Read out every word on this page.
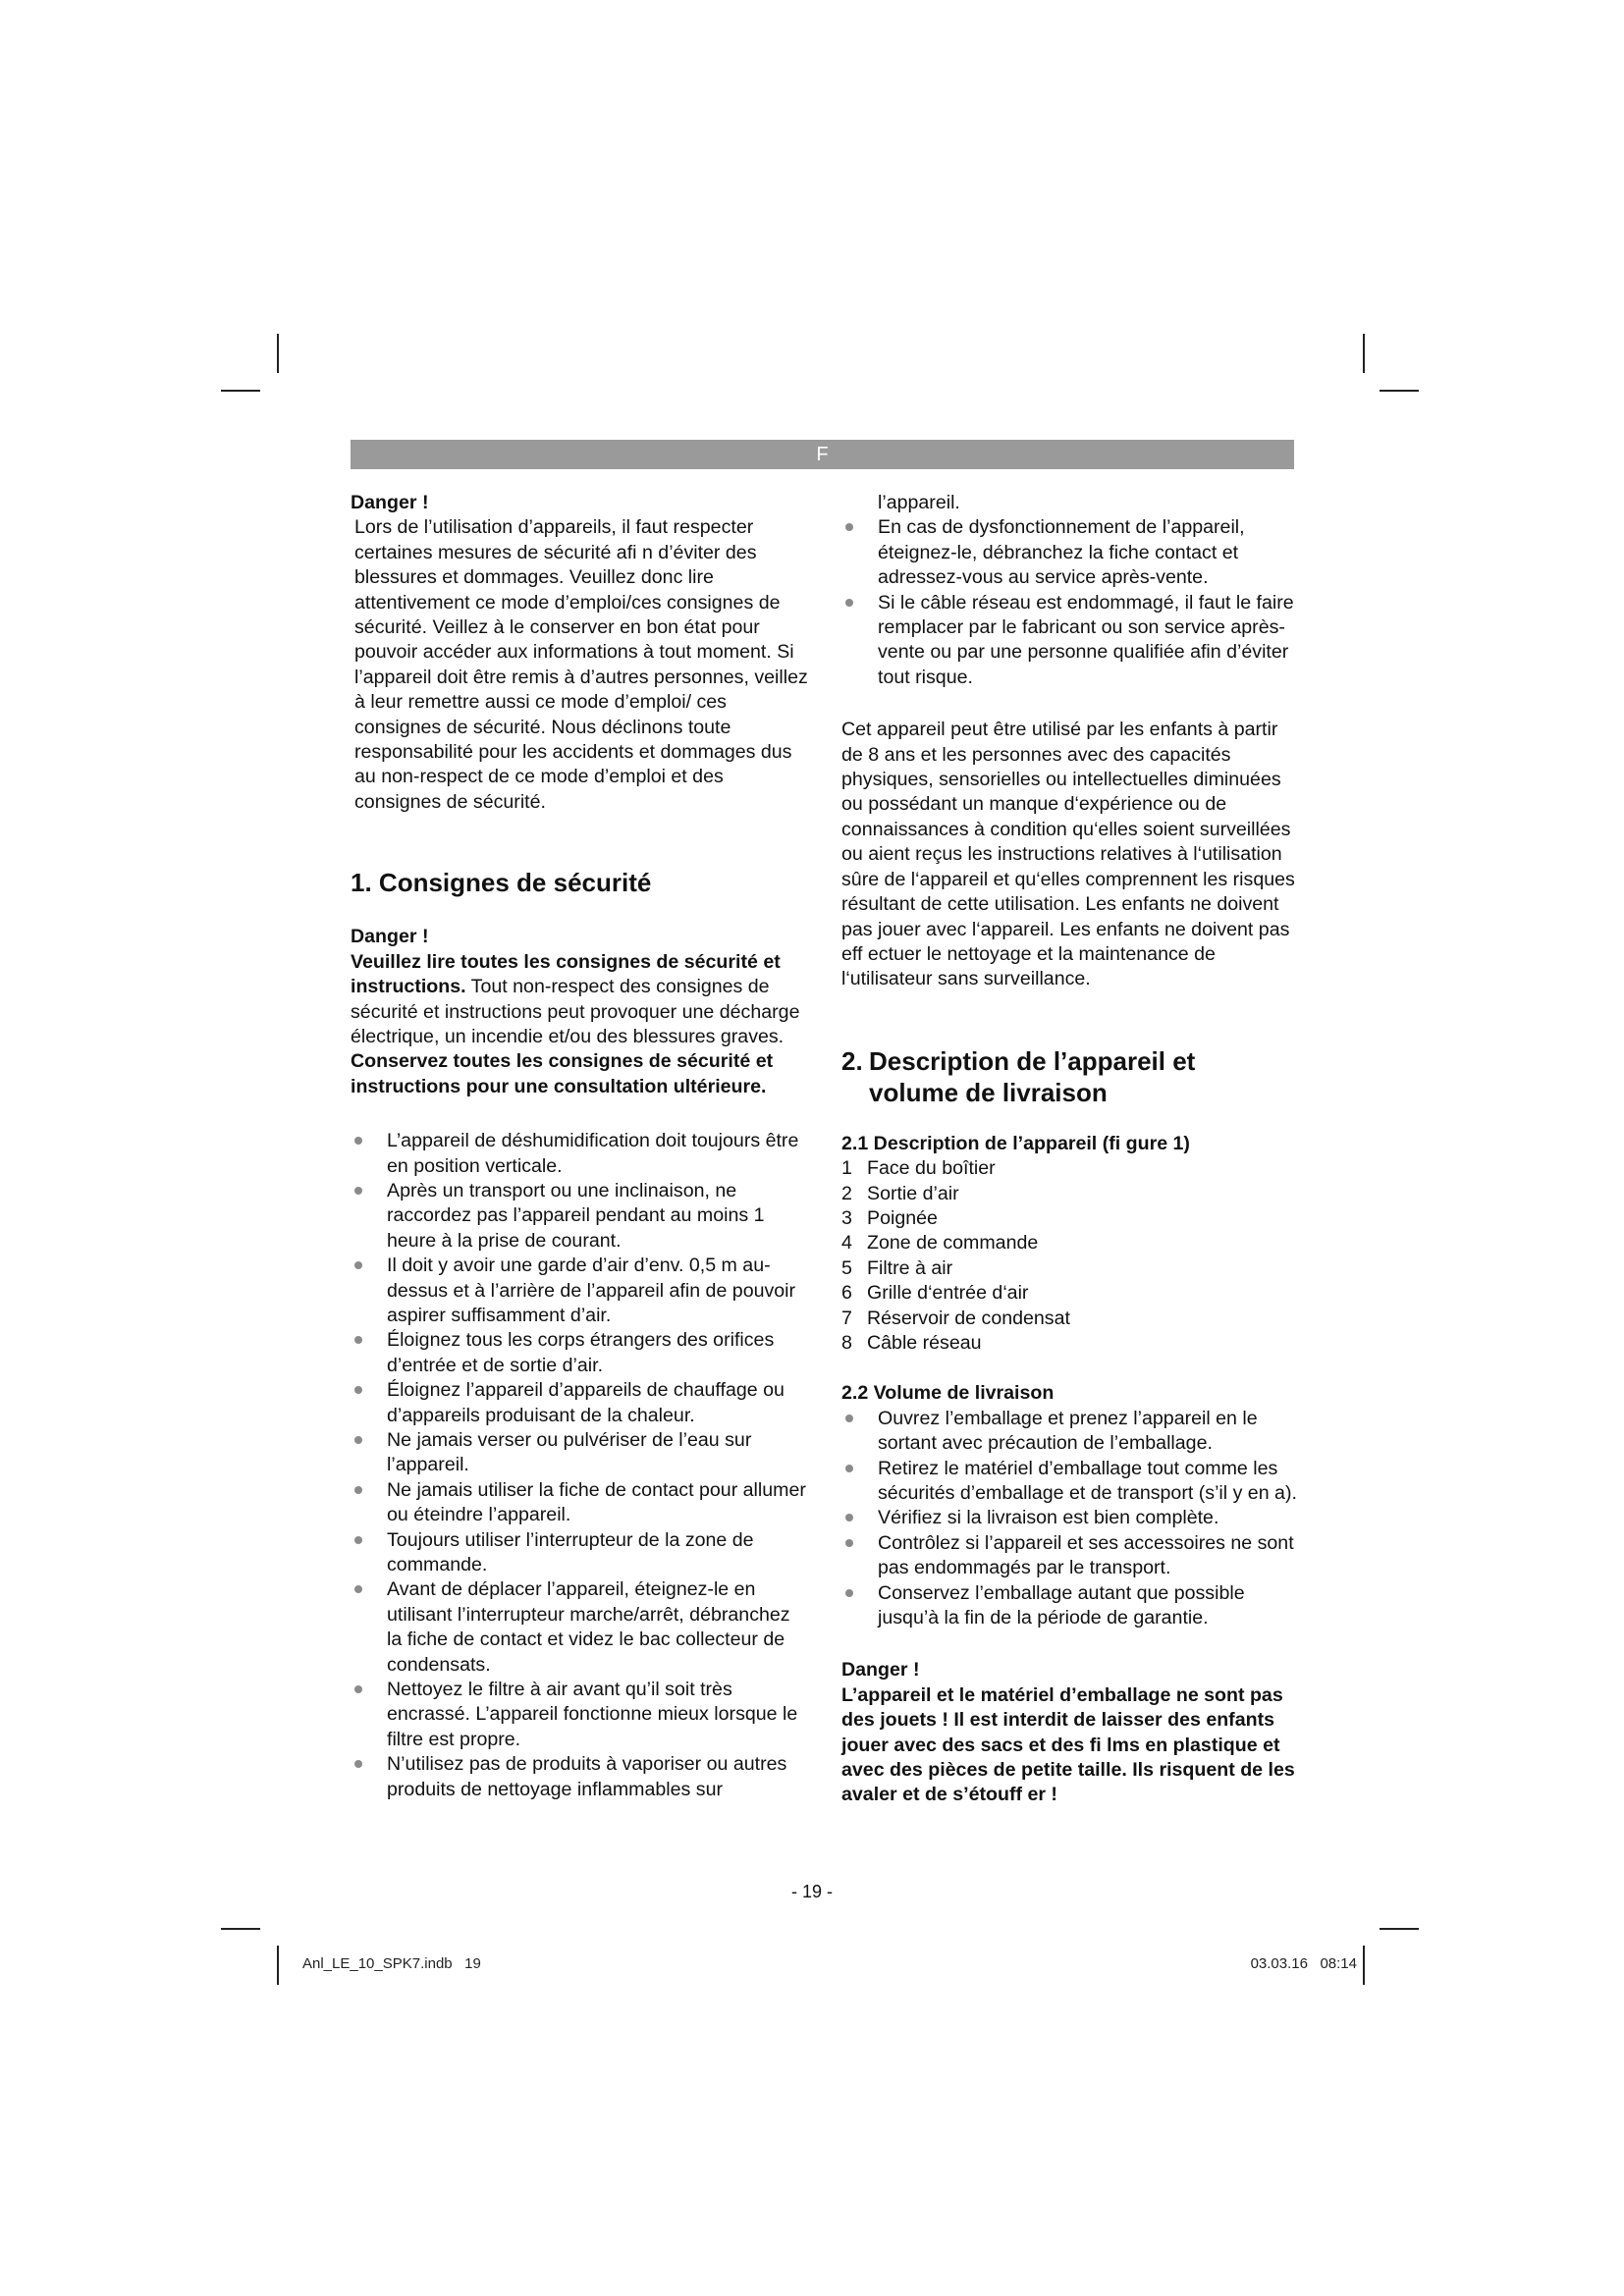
F

Danger !

Lors de l’utilisation d’appareils, il faut respecter certaines mesures de sécurité afi n d’éviter des blessures et dommages. Veuillez donc lire attentivement ce mode d’emploi/ces consignes de sécurité. Veillez à le conserver en bon état pour pouvoir accéder aux informations à tout moment. Si l’appareil doit être remis à d’autres personnes, veillez à leur remettre aussi ce mode d’emploi/ ces consignes de sécurité. Nous déclinons toute responsabilité pour les accidents et dommages dus au non-respect de ce mode d’emploi et des consignes de sécurité.

1. Consignes de sécurité

Danger !

Veuillez lire toutes les consignes de sécurité et instructions. Tout non-respect des consignes de sécurité et instructions peut provoquer une décharge électrique, un incendie et/ou des blessures graves.

Conservez toutes les consignes de sécurité et instructions pour une consultation ultérieure.

L’appareil de déshumidification doit toujours être en position verticale.
Après un transport ou une inclinaison, ne raccordez pas l’appareil pendant au moins 1 heure à la prise de courant.
Il doit y avoir une garde d’air d’env. 0,5 m au-dessus et à l’arrière de l’appareil afin de pouvoir aspirer suffisamment d’air.
Éloignez tous les corps étrangers des orifices d’entrée et de sortie d’air.
Éloignez l’appareil d’appareils de chauffage ou d’appareils produisant de la chaleur.
Ne jamais verser ou pulvériser de l’eau sur l’appareil.
Ne jamais utiliser la fiche de contact pour allumer ou éteindre l’appareil.
Toujours utiliser l’interrupteur de la zone de commande.
Avant de déplacer l’appareil, éteignez-le en utilisant l’interrupteur marche/arrêt, débranchez la fiche de contact et videz le bac collecteur de condensats.
Nettoyez le filtre à air avant qu’il soit très encrassé. L’appareil fonctionne mieux lorsque le filtre est propre.
N’utilisez pas de produits à vaporiser ou autres produits de nettoyage inflammables sur

l’appareil.

En cas de dysfonctionnement de l’appareil, éteignez-le, débranchez la fiche contact et adressez-vous au service après-vente.
Si le câble réseau est endommagé, il faut le faire remplacer par le fabricant ou son service après-vente ou par une personne qualifiée afin d’éviter tout risque.

Cet appareil peut être utilisé par les enfants à partir de 8 ans et les personnes avec des capacités physiques, sensorielles ou intellectuelles diminuées ou possédant un manque d‘expérience ou de connaissances à condition qu‘elles soient surveillées ou aient reçus les instructions relatives à l‘utilisation sûre de l‘appareil et qu‘elles comprennent les risques résultant de cette utilisation. Les enfants ne doivent pas jouer avec l‘appareil. Les enfants ne doivent pas eff ectuer le nettoyage et la maintenance de l‘utilisateur sans surveillance.

2. Description de l’appareil et
volume de livraison

2.1 Description de l’appareil (fi gure 1)

1 Face du boîtier
2 Sortie d’air
3 Poignée
4 Zone de commande
5 Filtre à air
6 Grille d‘entrée d‘air
7 Réservoir de condensat
8 Câble réseau

2.2 Volume de livraison

Ouvrez l’emballage et prenez l’appareil en le sortant avec précaution de l’emballage.
Retirez le matériel d’emballage tout comme les sécurités d’emballage et de transport (s’il y en a).
Vérifiez si la livraison est bien complète.
Contrôlez si l’appareil et ses accessoires ne sont pas endommagés par le transport.
Conservez l’emballage autant que possible jusqu’à la fin de la période de garantie.

Danger !

L’appareil et le matériel d’emballage ne sont pas des jouets ! Il est interdit de laisser des enfants jouer avec des sacs et des fi lms en plastique et avec des pièces de petite taille. Ils risquent de les avaler et de s’étouff er !

- 19 -
Anl_LE_10_SPK7.indb   19	03.03.16   08:14
